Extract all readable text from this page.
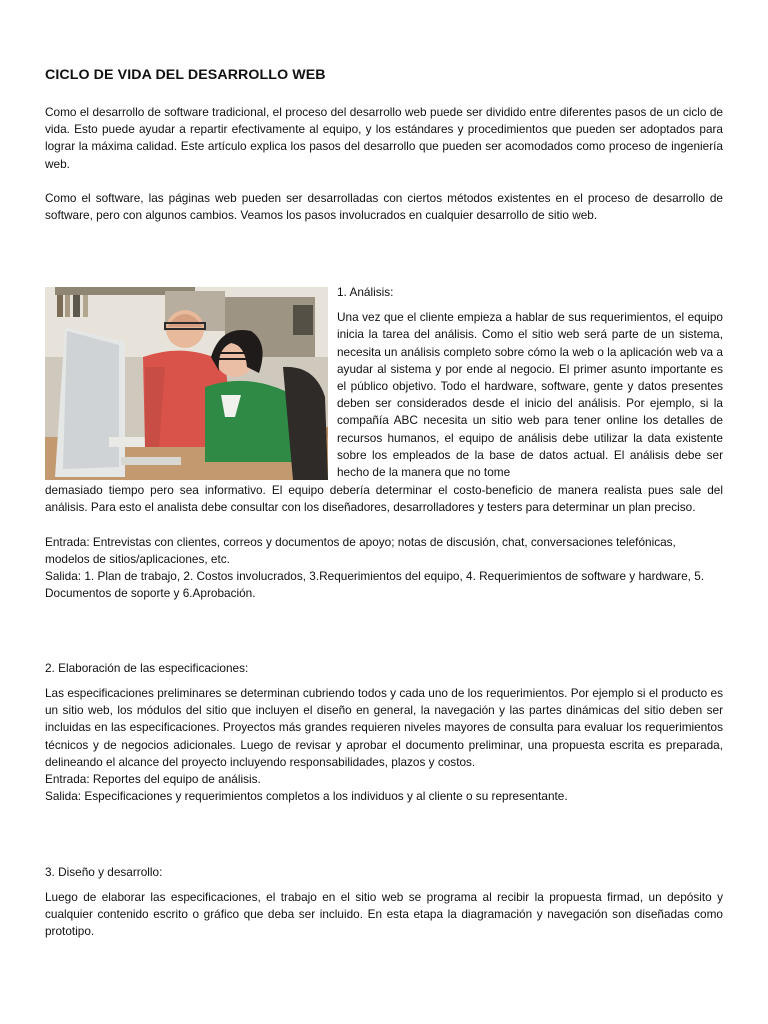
CICLO DE VIDA DEL DESARROLLO WEB

Como el desarrollo de software tradicional, el proceso del desarrollo web puede ser dividido entre diferentes pasos de un ciclo de vida. Esto puede ayudar a repartir efectivamente al equipo, y los estándares y procedimientos que pueden ser adoptados para lograr la máxima calidad. Este artículo explica los pasos del desarrollo que pueden ser acomodados como proceso de ingeniería web.

Como el software, las páginas web pueden ser desarrolladas con ciertos métodos existentes en el proceso de desarrollo de software, pero con algunos cambios. Veamos los pasos involucrados en cualquier desarrollo de sitio web.

1. Análisis:

Una vez que el cliente empieza a hablar de sus requerimientos, el equipo inicia la tarea del análisis. Como el sitio web será parte de un sistema, necesita un análisis completo sobre cómo la web o la aplicación web va a ayudar al sistema y por ende al negocio. El primer asunto importante es el público objetivo. Todo el hardware, software, gente y datos presentes deben ser considerados desde el inicio del análisis. Por ejemplo, si la compañía ABC necesita un sitio web para tener online los detalles de recursos humanos, el equipo de análisis debe utilizar la data existente sobre los empleados de la base de datos actual. El análisis debe ser hecho de la manera que no tome

demasiado tiempo pero sea informativo. El equipo debería determinar el costo-beneficio de manera realista pues sale del análisis. Para esto el analista debe consultar con los diseñadores, desarrolladores y testers para determinar un plan preciso.

Entrada: Entrevistas con clientes, correos y documentos de apoyo; notas de discusión, chat, conversaciones telefónicas, modelos de sitios/aplicaciones, etc.

Salida: 1. Plan de trabajo, 2. Costos involucrados, 3.Requerimientos del equipo, 4. Requerimientos de software y hardware, 5. Documentos de soporte y 6.Aprobación.

2. Elaboración de las especificaciones:

Las especificaciones preliminares se determinan cubriendo todos y cada uno de los requerimientos. Por ejemplo si el producto es un sitio web, los módulos del sitio que incluyen el diseño en general, la navegación y las partes dinámicas del sitio deben ser incluidas en las especificaciones. Proyectos más grandes requieren niveles mayores de consulta para evaluar los requerimientos técnicos y de negocios adicionales. Luego de revisar y aprobar el documento preliminar, una propuesta escrita es preparada, delineando el alcance del proyecto incluyendo responsabilidades, plazos y costos.

Entrada: Reportes del equipo de análisis.

Salida: Especificaciones y requerimientos completos a los individuos y al cliente o su representante.

3. Diseño y desarrollo:

Luego de elaborar las especificaciones, el trabajo en el sitio web se programa al recibir la propuesta firmad, un depósito y cualquier contenido escrito o gráfico que deba ser incluido. En esta etapa la diagramación y navegación son diseñadas como prototipo.
